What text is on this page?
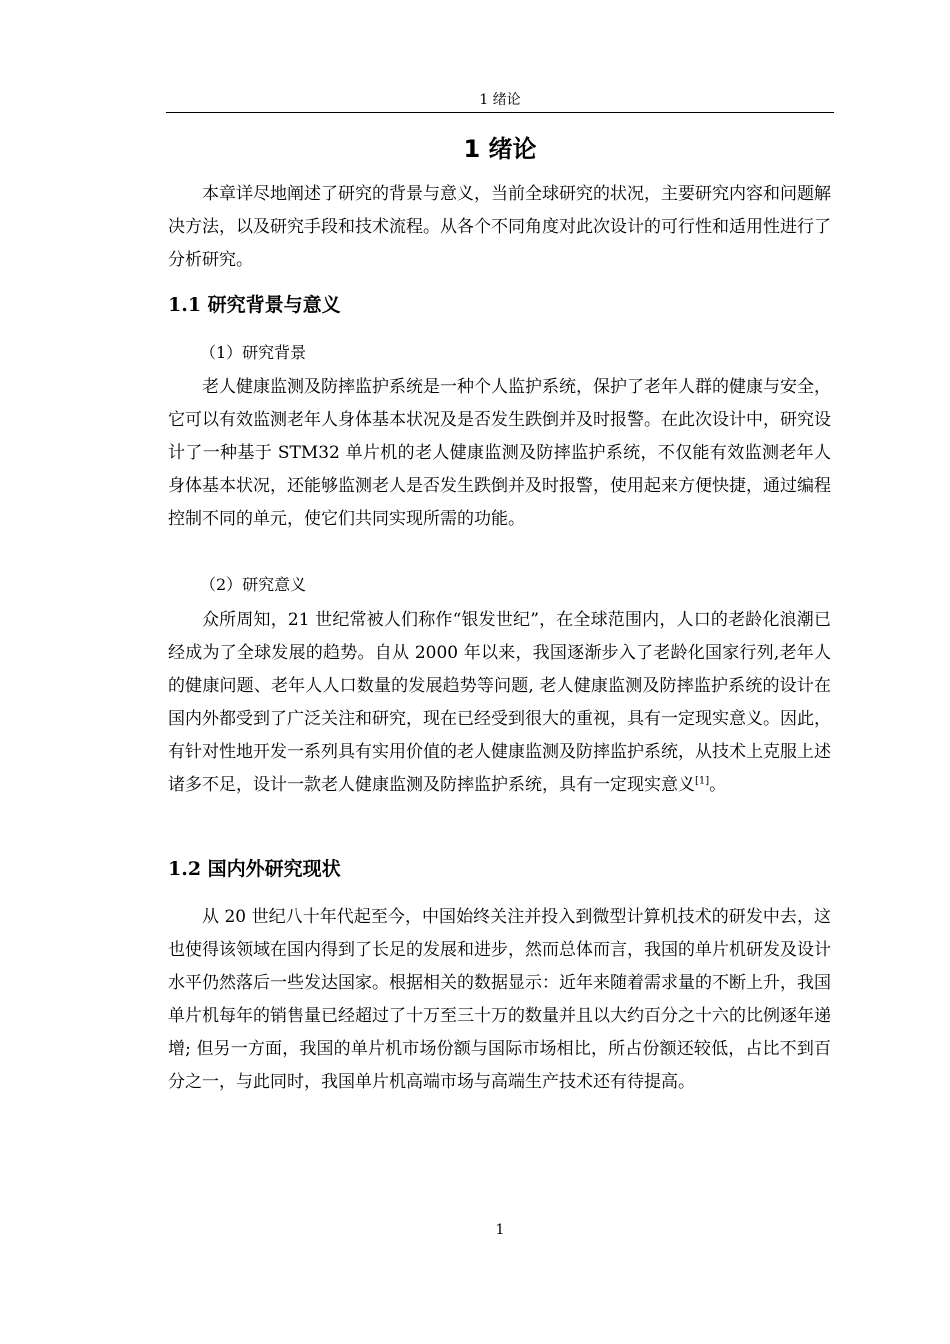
1 绪论
1 绪论

本章详尽地阐述了研究的背景与意义，当前全球研究的状况，主要研究内容和问题解决方法，以及研究手段和技术流程。从各个不同角度对此次设计的可行性和适用性进行了分析研究。

1.1 研究背景与意义

（1）研究背景

老人健康监测及防摔监护系统是一种个人监护系统，保护了老年人群的健康与安全，它可以有效监测老年人身体基本状况及是否发生跌倒并及时报警。在此次设计中，研究设计了一种基于 STM32 单片机的老人健康监测及防摔监护系统，不仅能有效监测老年人身体基本状况，还能够监测老人是否发生跌倒并及时报警，使用起来方便快捷，通过编程控制不同的单元，使它们共同实现所需的功能。

（2）研究意义

众所周知，21 世纪常被人们称作“银发世纪”，在全球范围内，人口的老龄化浪潮已经成为了全球发展的趋势。自从 2000 年以来，我国逐渐步入了老龄化国家行列,老年人的健康问题、老年人人口数量的发展趋势等问题, 老人健康监测及防摔监护系统的设计在国内外都受到了广泛关注和研究，现在已经受到很大的重视，具有一定现实意义。因此，有针对性地开发一系列具有实用价值的老人健康监测及防摔监护系统，从技术上克服上述诸多不足，设计一款老人健康监测及防摔监护系统，具有一定现实意义[1]。

1.2 国内外研究现状

从 20 世纪八十年代起至今，中国始终关注并投入到微型计算机技术的研发中去，这也使得该领域在国内得到了长足的发展和进步，然而总体而言，我国的单片机研发及设计水平仍然落后一些发达国家。根据相关的数据显示：近年来随着需求量的不断上升，我国单片机每年的销售量已经超过了十万至三十万的数量并且以大约百分之十六的比例逐年递增; 但另一方面，我国的单片机市场份额与国际市场相比，所占份额还较低，占比不到百分之一，与此同时，我国单片机高端市场与高端生产技术还有待提高。

1
